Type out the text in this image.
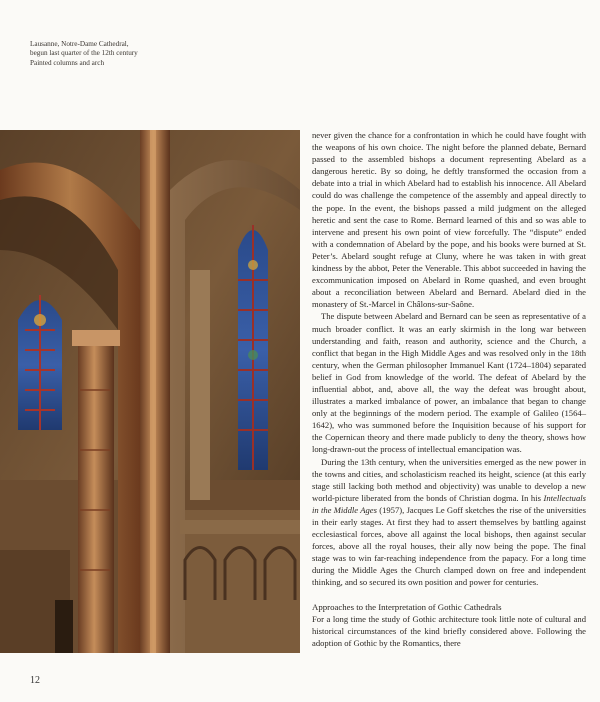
Lausanne, Notre-Dame Cathedral,
begun last quarter of the 12th century
Painted columns and arch

never given the chance for a confrontation in which he could have fought with the weapons of his own choice. The night before the planned debate, Bernard passed to the assembled bishops a document representing Abelard as a dangerous heretic. By so doing, he deftly transformed the occasion from a debate into a trial in which Abelard had to establish his innocence. All Abelard could do was challenge the competence of the assembly and appeal directly to the pope. In the event, the bishops passed a mild judgment on the alleged heretic and sent the case to Rome. Bernard learned of this and so was able to intervene and present his own point of view forcefully. The “dispute” ended with a condemnation of Abelard by the pope, and his books were burned at St. Peter’s. Abelard sought refuge at Cluny, where he was taken in with great kindness by the abbot, Peter the Venerable. This abbot succeeded in having the excommunication imposed on Abelard in Rome quashed, and even brought about a reconciliation between Abelard and Bernard. Abelard died in the monastery of St.-Marcel in Châlons-sur-Saône.

The dispute between Abelard and Bernard can be seen as representative of a much broader conflict. It was an early skirmish in the long war between understanding and faith, reason and authority, science and the Church, a conflict that began in the High Middle Ages and was resolved only in the 18th century, when the German philosopher Immanuel Kant (1724–1804) separated belief in God from knowledge of the world. The defeat of Abelard by the influential abbot, and, above all, the way the defeat was brought about, illustrates a marked imbalance of power, an imbalance that began to change only at the beginnings of the modern period. The example of Galileo (1564–1642), who was summoned before the Inquisition because of his support for the Copernican theory and there made publicly to deny the theory, shows how long-drawn-out the process of intellectual emancipation was.

During the 13th century, when the universities emerged as the new power in the towns and cities, and scholasticism reached its height, science (at this early stage still lacking both method and objectivity) was unable to develop a new world-picture liberated from the bonds of Christian dogma. In his Intellectuals in the Middle Ages (1957), Jacques Le Goff sketches the rise of the universities in their early stages. At first they had to assert themselves by battling against ecclesiastical forces, above all against the local bishops, then against secular forces, above all the royal houses, their ally now being the pope. The final stage was to win far-reaching independence from the papacy. For a long time during the Middle Ages the Church clamped down on free and independent thinking, and so secured its own position and power for centuries.

Approaches to the Interpretation of Gothic Cathedrals

For a long time the study of Gothic architecture took little note of cultural and historical circumstances of the kind briefly considered above. Following the adoption of Gothic by the Romantics, there

12
